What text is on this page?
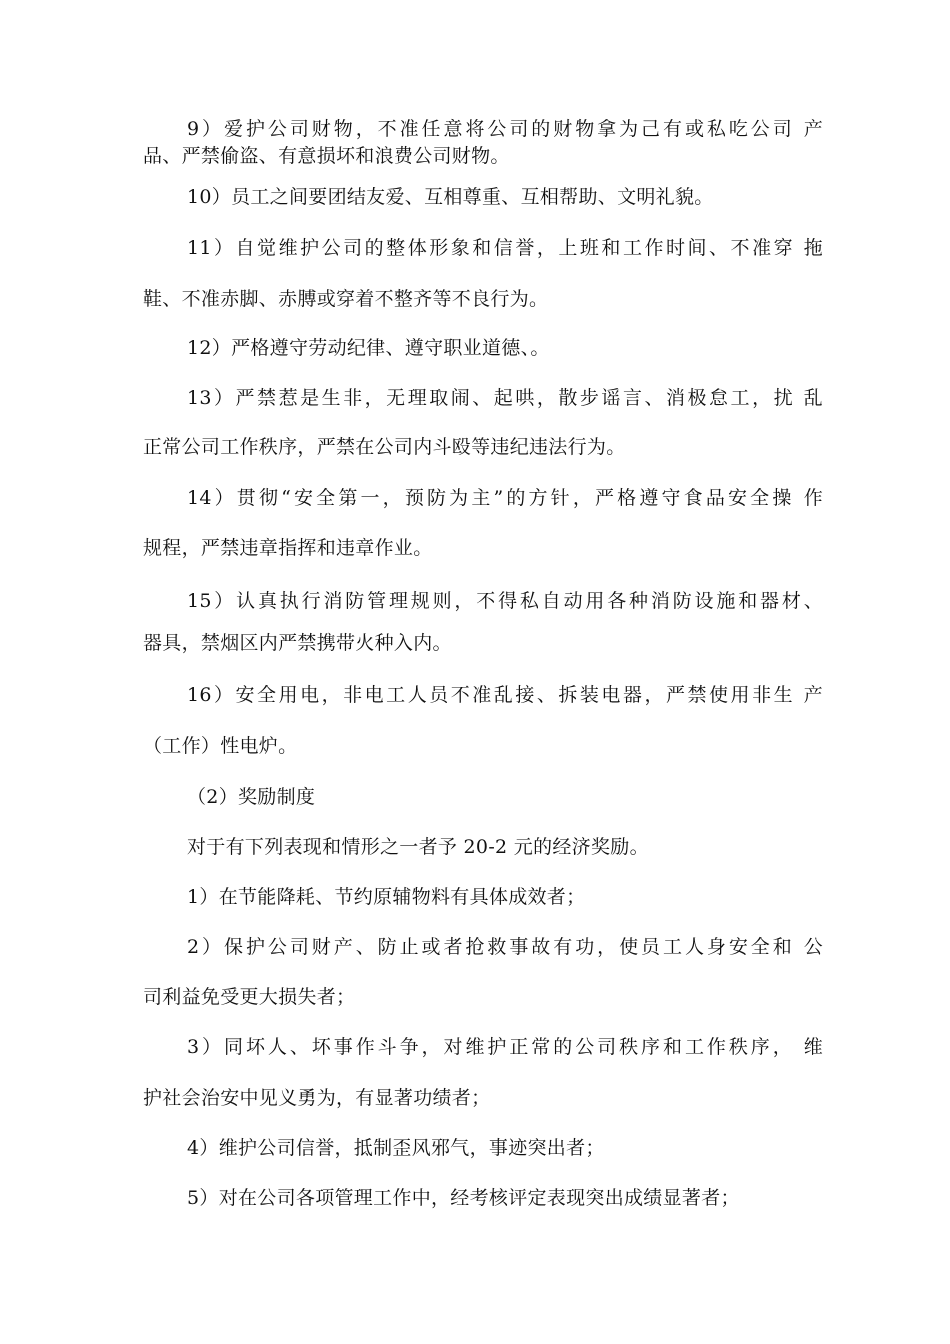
9）爱护公司财物，不准任意将公司的财物拿为己有或私吃公司 产
品、严禁偷盗、有意损坏和浪费公司财物。
10）员工之间要团结友爱、互相尊重、互相帮助、文明礼貌。
11）自觉维护公司的整体形象和信誉，上班和工作时间、不准穿 拖
鞋、不准赤脚、赤膊或穿着不整齐等不良行为。
12）严格遵守劳动纪律、遵守职业道德、。
13）严禁惹是生非，无理取闹、起哄，散步谣言、消极怠工，扰 乱
正常公司工作秩序，严禁在公司内斗殴等违纪违法行为。
14）贯彻“安全第一，预防为主”的方针，严格遵守食品安全操 作
规程，严禁违章指挥和违章作业。
15）认真执行消防管理规则，不得私自动用各种消防设施和器材、
器具，禁烟区内严禁携带火种入内。
16）安全用电，非电工人员不准乱接、拆装电器，严禁使用非生 产
（工作）性电炉。
（2）奖励制度
对于有下列表现和情形之一者予 20-2 元的经济奖励。
1）在节能降耗、节约原辅物料有具体成效者；
2）保护公司财产、防止或者抢救事故有功，使员工人身安全和 公
司利益免受更大损失者；
3）同坏人、坏事作斗争，对维护正常的公司秩序和工作秩序， 维
护社会治安中见义勇为，有显著功绩者；
4）维护公司信誉，抵制歪风邪气，事迹突出者；
5）对在公司各项管理工作中，经考核评定表现突出成绩显著者；
